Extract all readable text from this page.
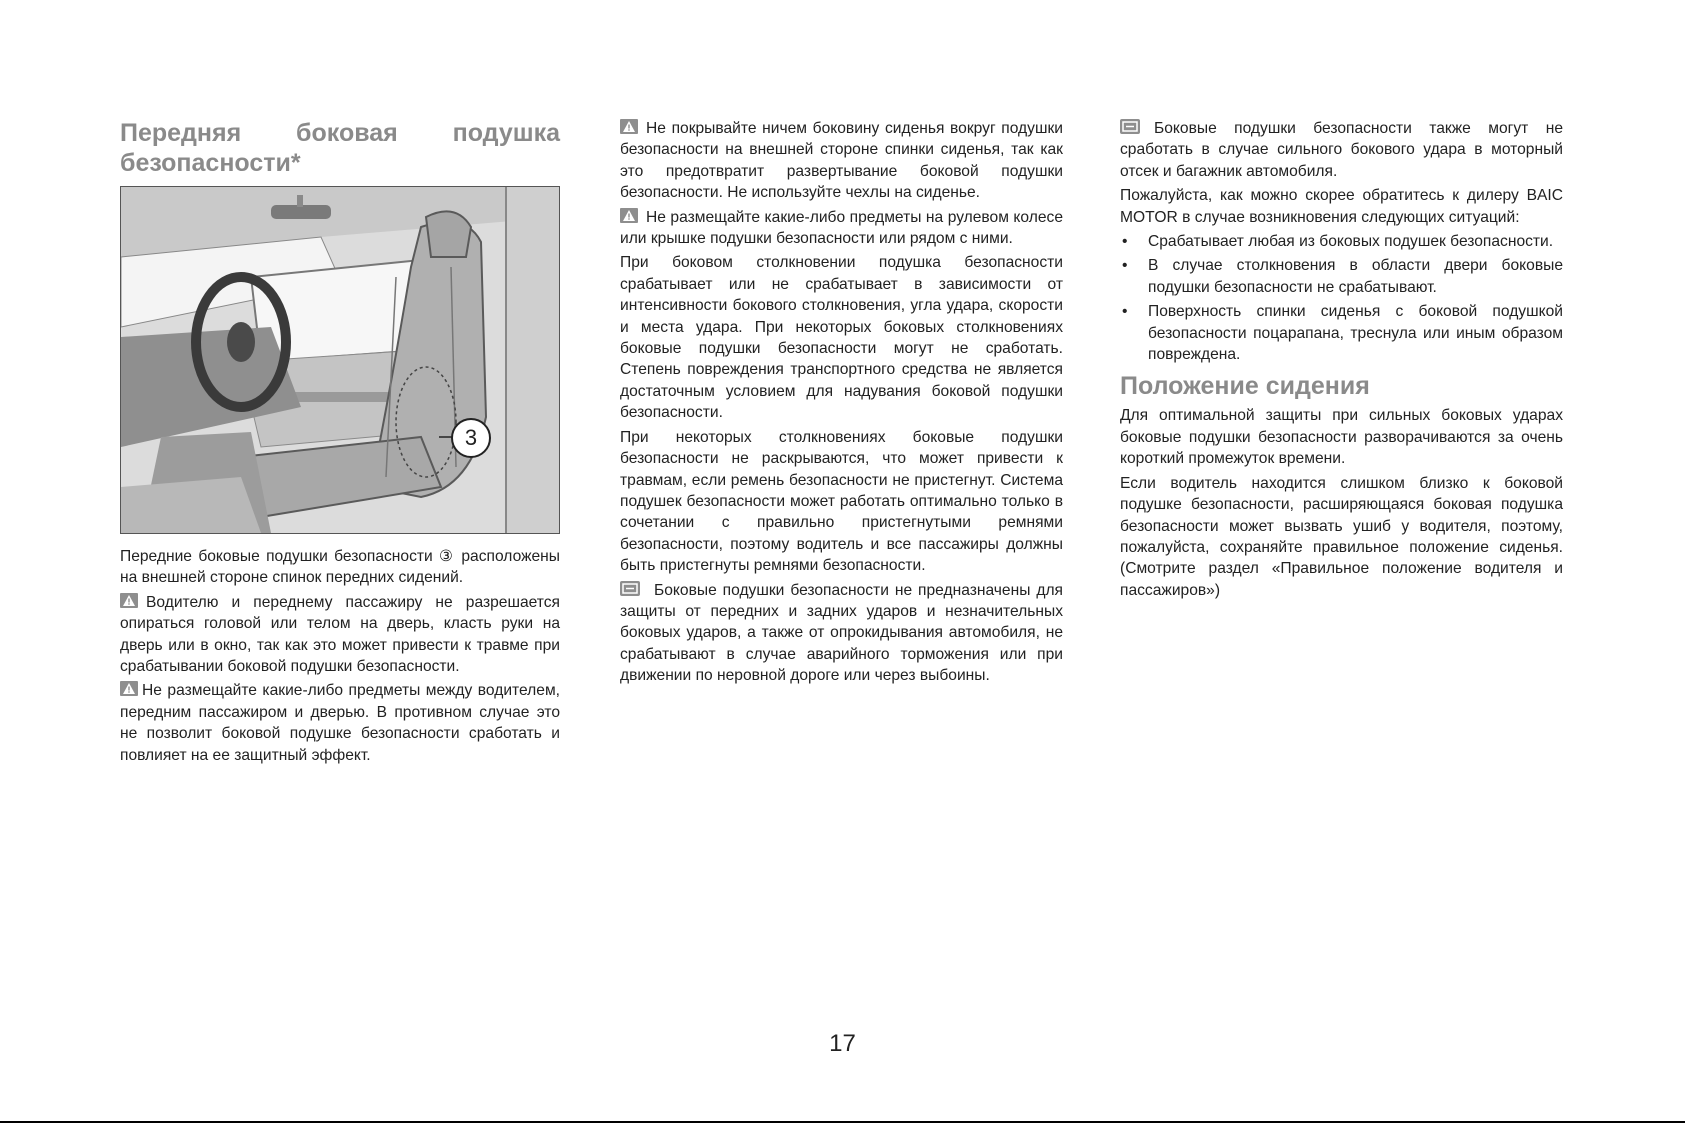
Передняя боковая подушка безопасности*
3
Передние боковые подушки безопасности ③ расположены на внешней стороне спинок передних сидений.
Водителю и переднему пассажиру не разрешается опираться головой или телом на дверь, класть руки на дверь или в окно, так как это может привести к травме при срабатывании боковой подушки безопасности.
Не размещайте какие-либо предметы между водителем, передним пассажиром и дверью. В противном случае это не позволит боковой подушке безопасности сработать и повлияет на ее защитный эффект.
Не покрывайте ничем боковину сиденья вокруг подушки безопасности на внешней стороне спинки сиденья, так как это предотвратит развертывание боковой подушки безопасности. Не используйте чехлы на сиденье.
Не размещайте какие-либо предметы на рулевом колесе или крышке подушки безопасности или рядом с ними.
При боковом столкновении подушка безопасности срабатывает или не срабатывает в зависимости от интенсивности бокового столкновения, угла удара, скорости и места удара. При некоторых боковых столкновениях боковые подушки безопасности могут не сработать. Степень повреждения транспортного средства не является достаточным условием для надувания боковой подушки безопасности.
При некоторых столкновениях боковые подушки безопасности не раскрываются, что может привести к травмам, если ремень безопасности не пристегнут. Система подушек безопасности может работать оптимально только в сочетании с правильно пристегнутыми ремнями безопасности, поэтому водитель и все пассажиры должны быть пристегнуты ремнями безопасности.
Боковые подушки безопасности не предназначены для защиты от передних и задних ударов и незначительных боковых ударов, а также от опрокидывания автомобиля, не срабатывают в случае аварийного торможения или при движении по неровной дороге или через выбоины.
Боковые подушки безопасности также могут не сработать в случае сильного бокового удара в моторный отсек и багажник автомобиля.
Пожалуйста, как можно скорее обратитесь к дилеру BAIC MOTOR в случае возникновения следующих ситуаций:
• Срабатывает любая из боковых подушек безопасности.
• В случае столкновения в области двери боковые подушки безопасности не срабатывают.
• Поверхность спинки сиденья с боковой подушкой безопасности поцарапана, треснула или иным образом повреждена.
Положение сидения
Для оптимальной защиты при сильных боковых ударах боковые подушки безопасности разворачиваются за очень короткий промежуток времени.
Если водитель находится слишком близко к боковой подушке безопасности, расширяющаяся боковая подушка безопасности может вызвать ушиб у водителя, поэтому, пожалуйста, сохраняйте правильное положение сиденья. (Смотрите раздел «Правильное положение водителя и пассажиров»)
17
